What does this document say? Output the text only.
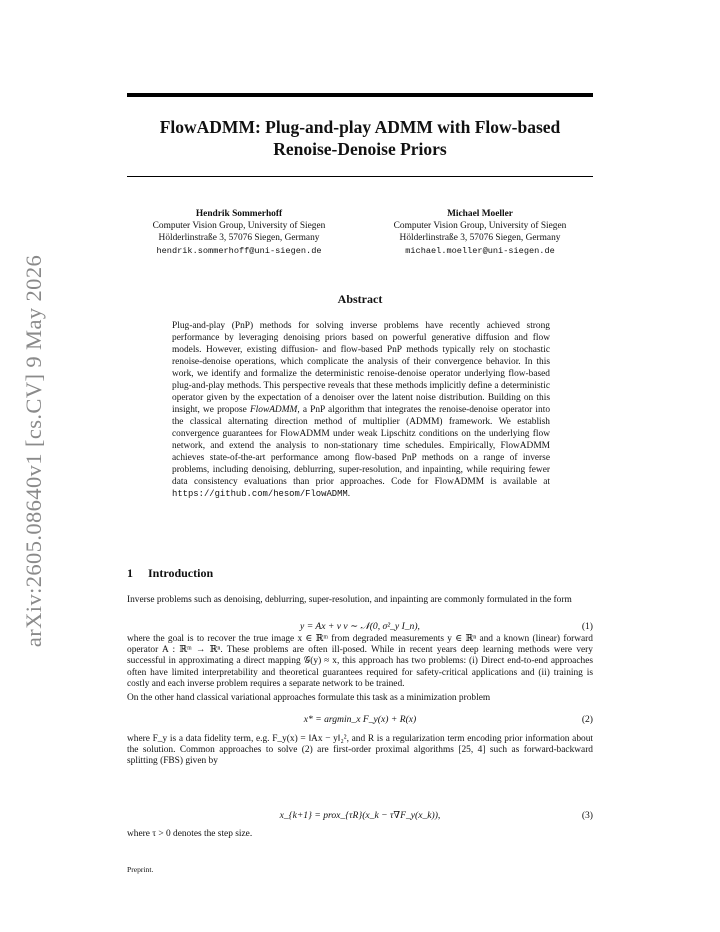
arXiv:2605.08640v1 [cs.CV] 9 May 2026
FlowADMM: Plug-and-play ADMM with Flow-based Renoise-Denoise Priors
Hendrik Sommerhoff
Computer Vision Group, University of Siegen
Hölderlinstraße 3, 57076 Siegen, Germany
hendrik.sommerhoff@uni-siegen.de
Michael Moeller
Computer Vision Group, University of Siegen
Hölderlinstraße 3, 57076 Siegen, Germany
michael.moeller@uni-siegen.de
Abstract

Plug-and-play (PnP) methods for solving inverse problems have recently achieved strong performance by leveraging denoising priors based on powerful generative diffusion and flow models. However, existing diffusion- and flow-based PnP methods typically rely on stochastic renoise-denoise operations, which complicate the analysis of their convergence behavior. In this work, we identify and formalize the deterministic renoise-denoise operator underlying flow-based plug-and-play methods. This perspective reveals that these methods implicitly define a deterministic operator given by the expectation of a denoiser over the latent noise distribution. Building on this insight, we propose FlowADMM, a PnP algorithm that integrates the renoise-denoise operator into the classical alternating direction method of multiplier (ADMM) framework. We establish convergence guarantees for FlowADMM under weak Lipschitz conditions on the underlying flow network, and extend the analysis to non-stationary time schedules. Empirically, FlowADMM achieves state-of-the-art performance among flow-based PnP methods on a range of inverse problems, including denoising, deblurring, super-resolution, and inpainting, while requiring fewer data consistency evaluations than prior approaches. Code for FlowADMM is available at https://github.com/hesom/FlowADMM.

1 Introduction

Inverse problems such as denoising, deblurring, super-resolution, and inpainting are commonly formulated in the form

y = Ax + ν ν ∼ 𝒩(0, σ²_y I_n),	(1)

where the goal is to recover the true image x ∈ ℝᵐ from degraded measurements y ∈ ℝⁿ and a known (linear) forward operator A : ℝᵐ → ℝⁿ. These problems are often ill-posed. While in recent years deep learning methods were very successful in approximating a direct mapping 𝒢(y) ≈ x, this approach has two problems: (i) Direct end-to-end approaches often have limited interpretability and theoretical guarantees required for safety-critical applications and (ii) training is costly and each inverse problem requires a separate network to be trained.

On the other hand classical variational approaches formulate this task as a minimization problem

x* = argmin_x F_y(x) + R(x)	(2)

where F_y is a data fidelity term, e.g. F_y(x) = ‖Ax − y‖₂², and R is a regularization term encoding prior information about the solution. Common approaches to solve (2) are first-order proximal algorithms [25, 4] such as forward-backward splitting (FBS) given by

x_{k+1} = prox_{τR}(x_k − τ∇F_y(x_k)),	(3)

where τ > 0 denotes the step size.

Preprint.
